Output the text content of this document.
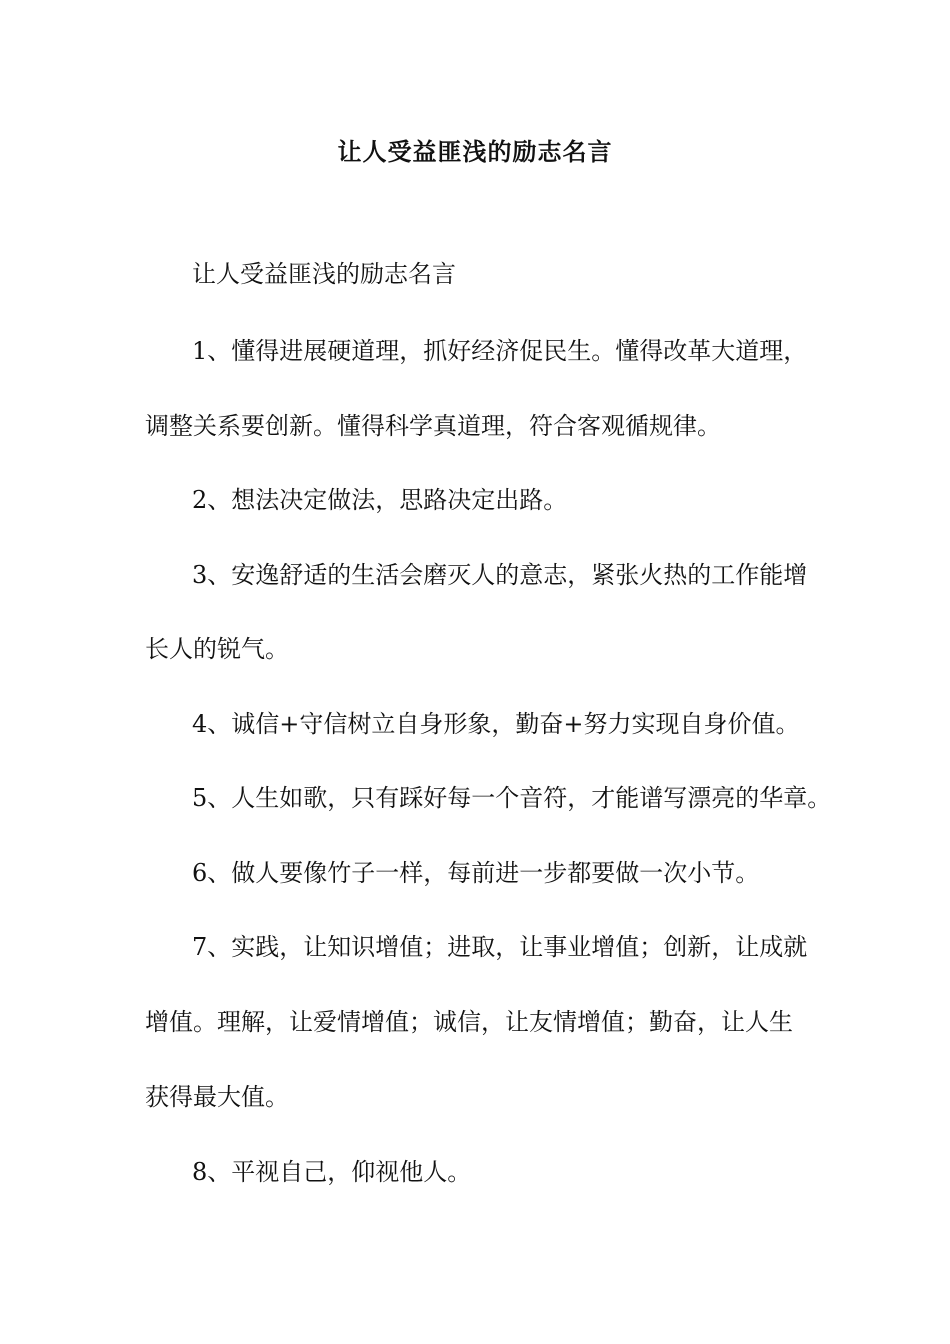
让人受益匪浅的励志名言
让人受益匪浅的励志名言
1、懂得进展硬道理，抓好经济促民生。懂得改革大道理，
调整关系要创新。懂得科学真道理，符合客观循规律。
2、想法决定做法，思路决定出路。
3、安逸舒适的生活会磨灭人的意志，紧张火热的工作能增
长人的锐气。
4、诚信+守信树立自身形象，勤奋+努力实现自身价值。
5、人生如歌，只有踩好每一个音符，才能谱写漂亮的华章。
6、做人要像竹子一样，每前进一步都要做一次小节。
7、实践，让知识增值；进取，让事业增值；创新，让成就
增值。理解，让爱情增值；诚信，让友情增值；勤奋，让人生
获得最大值。
8、平视自己，仰视他人。
